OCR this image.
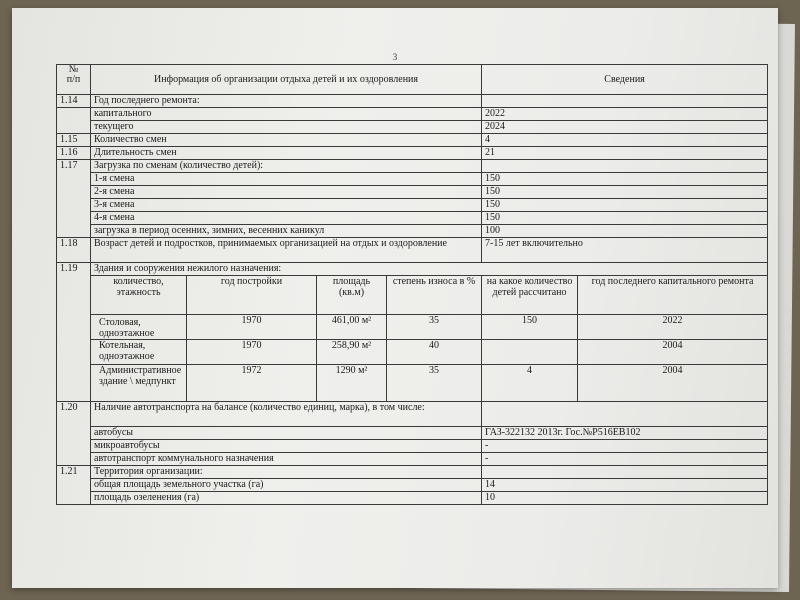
3
№
п/п	Информация об организации отдыха детей и их оздоровления				Сведения	
1.14	Год последнего ремонта:					
	капитального				2022	
	текущего				2024	
1.15	Количество смен				4	
1.16	Длительность смен				21	
1.17	Загрузка по сменам (количество детей):					
	1-я смена				150	
	2-я смена				150	
	3-я смена				150	
	4-я смена				150	
	загрузка в период осенних, зимних, весенних каникул				100	
1.18	Возраст детей и подростков, принимаемых организацией на отдых и оздоровление				7-15 лет включительно	
1.19	Здания и сооружения нежилого назначения:					
	количество, этажность	год постройки	площадь (кв.м)	степень износа в %	на какое количество детей рассчитано	год последнего капитального ремонта
	Столовая, одноэтажное	1970	461,00 м²	35	150	2022
	Котельная, одноэтажное	1970	258,90 м²	40		2004
	Административное здание \ медпункт	1972	1290 м²	35	4	2004
1.20	Наличие автотранспорта на балансе (количество единиц, марка), в том числе:					
	автобусы				ГАЗ-322132 2013г. Гос.№Р516ЕВ102	
	микроавтобусы				-	
	автотранспорт коммунального назначения				-	
1.21	Территория организации:					
	общая площадь земельного участка (га)				14	
	площадь озеленения (га)				10	
